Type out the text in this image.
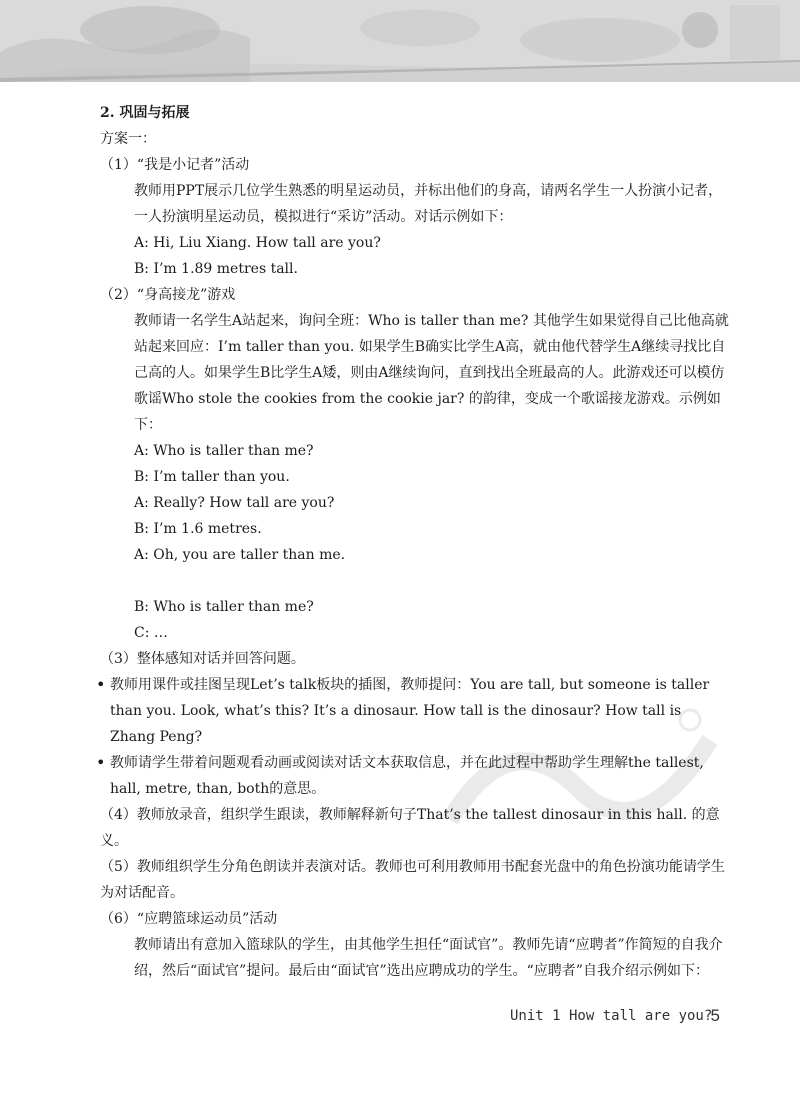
2. 巩固与拓展

方案一：

（1）“我是小记者”活动

教师用PPT展示几位学生熟悉的明星运动员，并标出他们的身高，请两名学生一人扮演小记者，一人扮演明星运动员，模拟进行“采访”活动。对话示例如下：

A: Hi, Liu Xiang. How tall are you?

B: I’m 1.89 metres tall.

（2）“身高接龙”游戏

教师请一名学生A站起来，询问全班：Who is taller than me? 其他学生如果觉得自己比他高就站起来回应：I’m taller than you. 如果学生B确实比学生A高，就由他代替学生A继续寻找比自己高的人。如果学生B比学生A矮，则由A继续询问，直到找出全班最高的人。此游戏还可以模仿歌谣Who stole the cookies from the cookie jar? 的韵律，变成一个歌谣接龙游戏。示例如下：

A: Who is taller than me?

B: I’m taller than you.

A: Really? How tall are you?

B: I’m 1.6 metres.

A: Oh, you are taller than me.

B: Who is taller than me?

C: …

（3）整体感知对话并回答问题。

• 教师用课件或挂图呈现Let’s talk板块的插图，教师提问：You are tall, but someone is taller than you. Look, what’s this? It’s a dinosaur. How tall is the dinosaur? How tall is Zhang Peng?

• 教师请学生带着问题观看动画或阅读对话文本获取信息，并在此过程中帮助学生理解the tallest, hall, metre, than, both的意思。

（4）教师放录音，组织学生跟读，教师解释新句子That’s the tallest dinosaur in this hall. 的意义。

（5）教师组织学生分角色朗读并表演对话。教师也可利用教师用书配套光盘中的角色扮演功能请学生为对话配音。

（6）“应聘篮球运动员”活动

教师请出有意加入篮球队的学生，由其他学生担任“面试官”。教师先请“应聘者”作简短的自我介绍，然后“面试官”提问。最后由“面试官”选出应聘成功的学生。“应聘者”自我介绍示例如下：

Unit 1 How tall are you?
5
